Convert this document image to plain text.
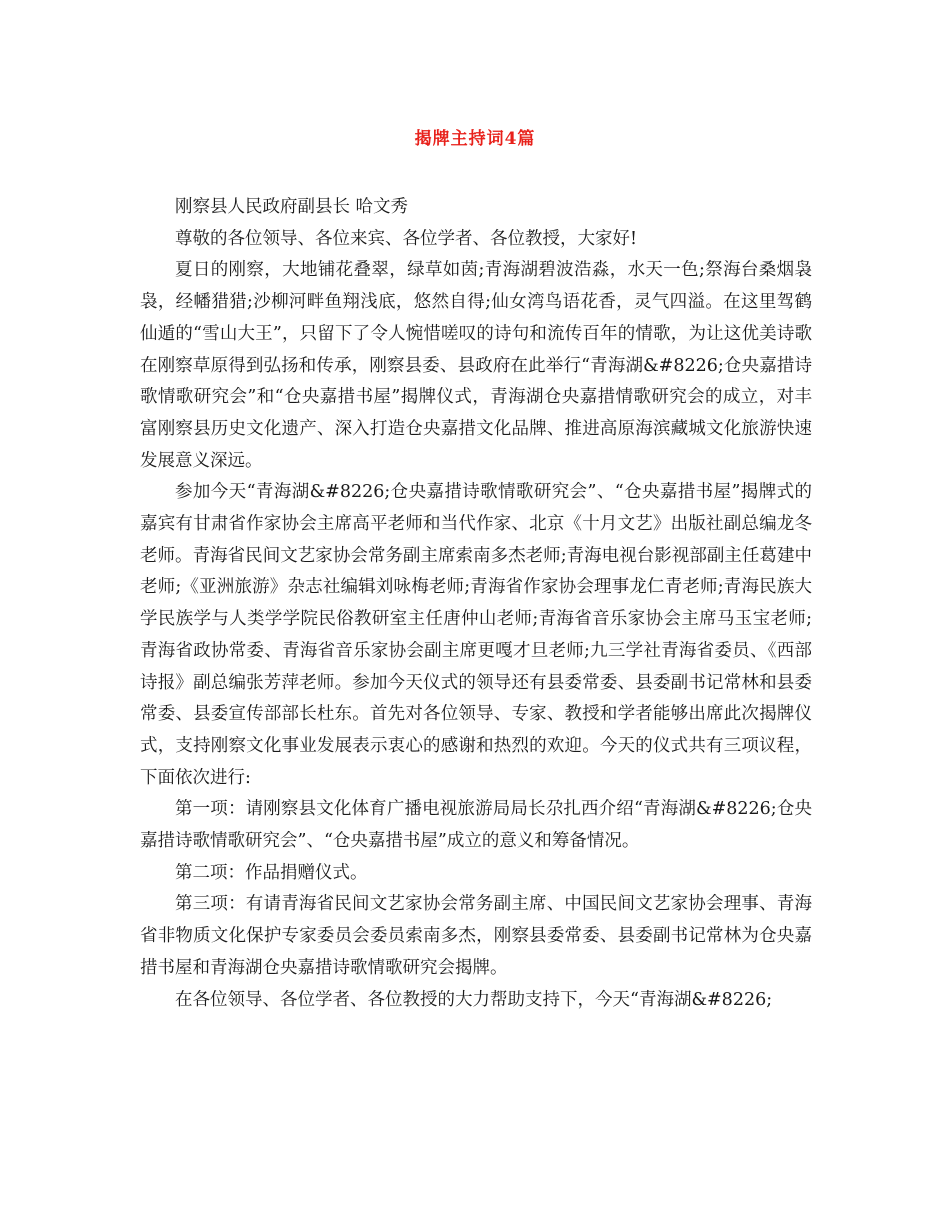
揭牌主持词4篇

刚察县人民政府副县长 哈文秀

尊敬的各位领导、各位来宾、各位学者、各位教授，大家好!

夏日的刚察，大地铺花叠翠，绿草如茵;青海湖碧波浩淼，水天一色;祭海台桑烟袅袅，经幡猎猎;沙柳河畔鱼翔浅底，悠然自得;仙女湾鸟语花香，灵气四溢。在这里驾鹤仙遁的“雪山大王”，只留下了令人惋惜嗟叹的诗句和流传百年的情歌，为让这优美诗歌在刚察草原得到弘扬和传承，刚察县委、县政府在此举行“青海湖&#8226;仓央嘉措诗歌情歌研究会”和“仓央嘉措书屋”揭牌仪式，青海湖仓央嘉措情歌研究会的成立，对丰富刚察县历史文化遗产、深入打造仓央嘉措文化品牌、推进高原海滨藏城文化旅游快速发展意义深远。

参加今天“青海湖&#8226;仓央嘉措诗歌情歌研究会”、“仓央嘉措书屋”揭牌式的嘉宾有甘肃省作家协会主席高平老师和当代作家、北京《十月文艺》出版社副总编龙冬老师。青海省民间文艺家协会常务副主席索南多杰老师;青海电视台影视部副主任葛建中老师;《亚洲旅游》杂志社编辑刘咏梅老师;青海省作家协会理事龙仁青老师;青海民族大学民族学与人类学学院民俗教研室主任唐仲山老师;青海省音乐家协会主席马玉宝老师;青海省政协常委、青海省音乐家协会副主席更嘎才旦老师;九三学社青海省委员、《西部诗报》副总编张芳萍老师。参加今天仪式的领导还有县委常委、县委副书记常林和县委常委、县委宣传部部长杜东。首先对各位领导、专家、教授和学者能够出席此次揭牌仪式，支持刚察文化事业发展表示衷心的感谢和热烈的欢迎。今天的仪式共有三项议程，下面依次进行:

第一项：请刚察县文化体育广播电视旅游局局长尕扎西介绍“青海湖&#8226;仓央嘉措诗歌情歌研究会”、“仓央嘉措书屋”成立的意义和筹备情况。

第二项：作品捐赠仪式。

第三项：有请青海省民间文艺家协会常务副主席、中国民间文艺家协会理事、青海省非物质文化保护专家委员会委员索南多杰，刚察县委常委、县委副书记常林为仓央嘉措书屋和青海湖仓央嘉措诗歌情歌研究会揭牌。

在各位领导、各位学者、各位教授的大力帮助支持下，今天“青海湖&#8226;
